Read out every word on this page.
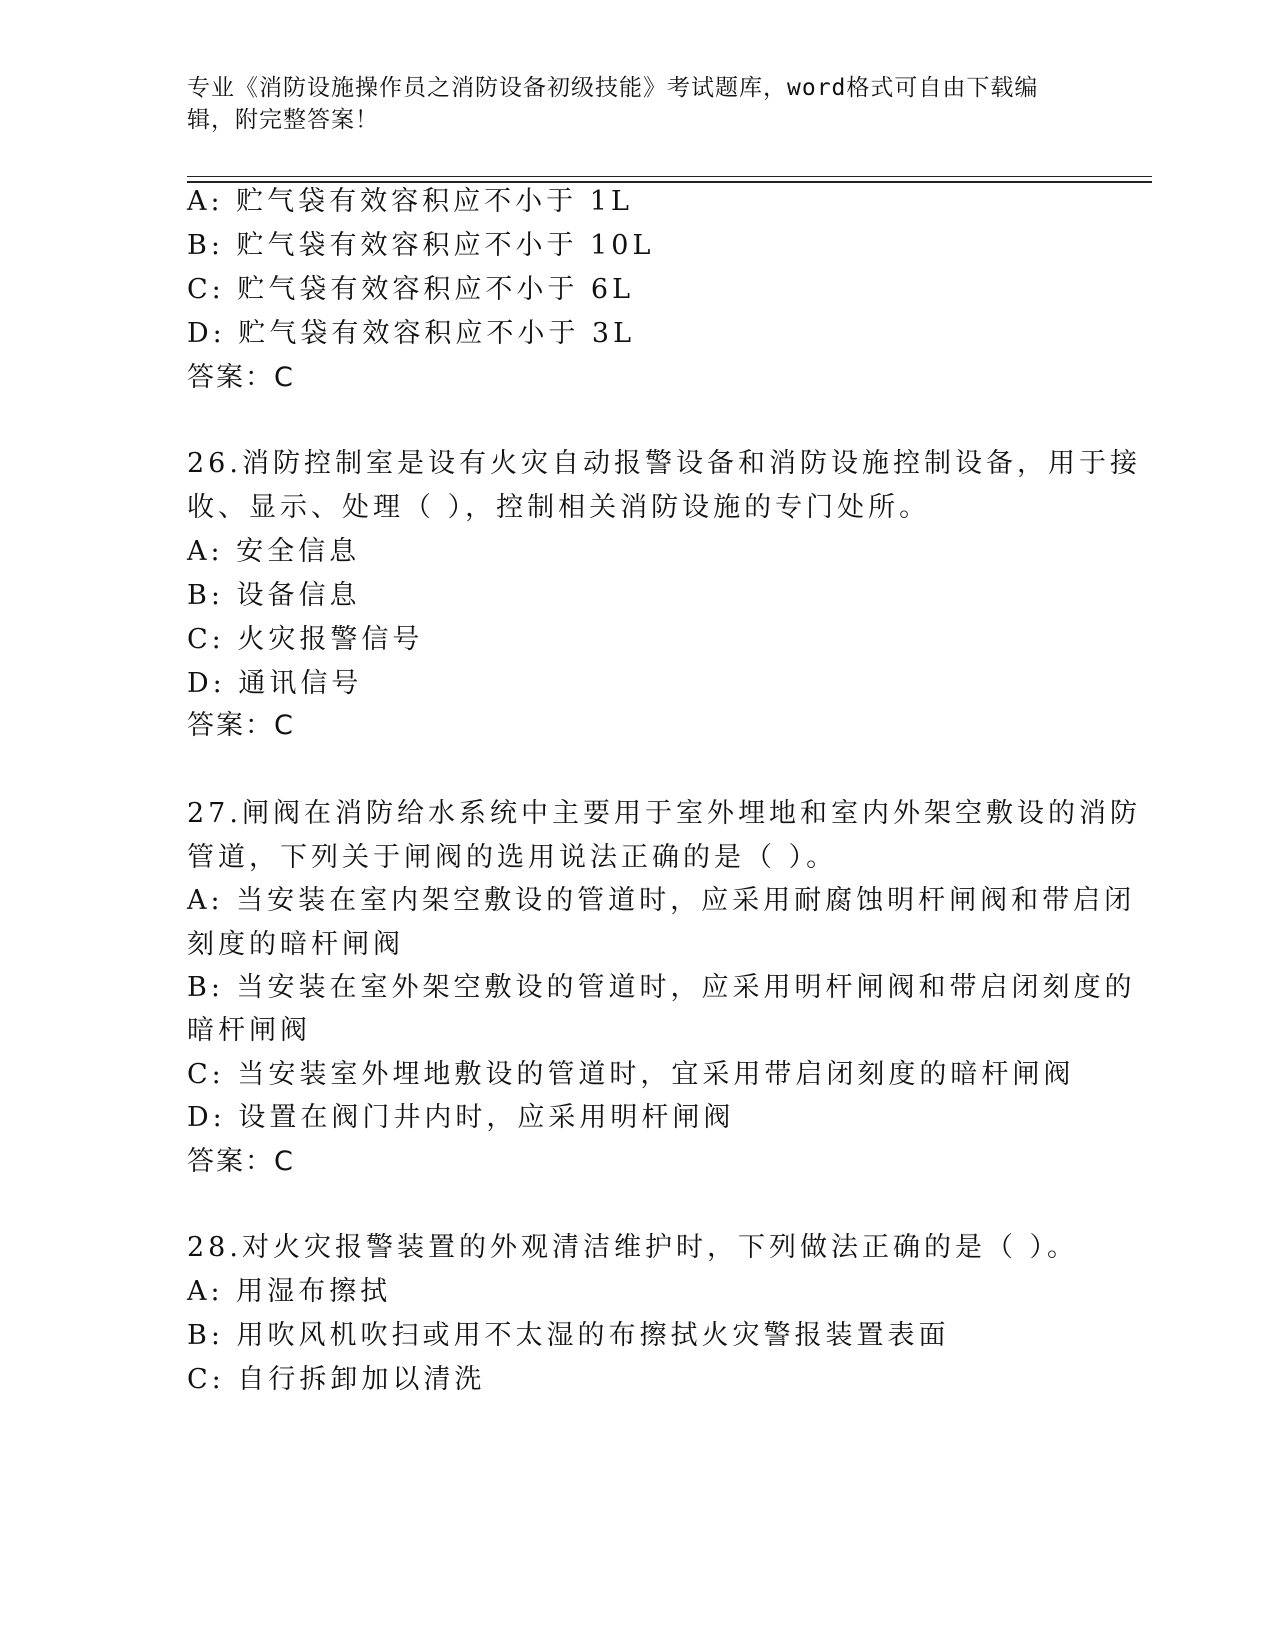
专业《消防设施操作员之消防设备初级技能》考试题库，word格式可自由下载编
辑，附完整答案！
A: 贮气袋有效容积应不小于 1L
B: 贮气袋有效容积应不小于 10L
C: 贮气袋有效容积应不小于 6L
D: 贮气袋有效容积应不小于 3L
答案：C
26.消防控制室是设有火灾自动报警设备和消防设施控制设备，用于接
收、显示、处理（ ），控制相关消防设施的专门处所。
A: 安全信息
B: 设备信息
C: 火灾报警信号
D: 通讯信号
答案：C
27.闸阀在消防给水系统中主要用于室外埋地和室内外架空敷设的消防
管道，下列关于闸阀的选用说法正确的是（ ）。
A: 当安装在室内架空敷设的管道时，应采用耐腐蚀明杆闸阀和带启闭
刻度的暗杆闸阀
B: 当安装在室外架空敷设的管道时，应采用明杆闸阀和带启闭刻度的
暗杆闸阀
C: 当安装室外埋地敷设的管道时，宜采用带启闭刻度的暗杆闸阀
D: 设置在阀门井内时，应采用明杆闸阀
答案：C
28.对火灾报警装置的外观清洁维护时，下列做法正确的是（ ）。
A: 用湿布擦拭
B: 用吹风机吹扫或用不太湿的布擦拭火灾警报装置表面
C: 自行拆卸加以清洗
